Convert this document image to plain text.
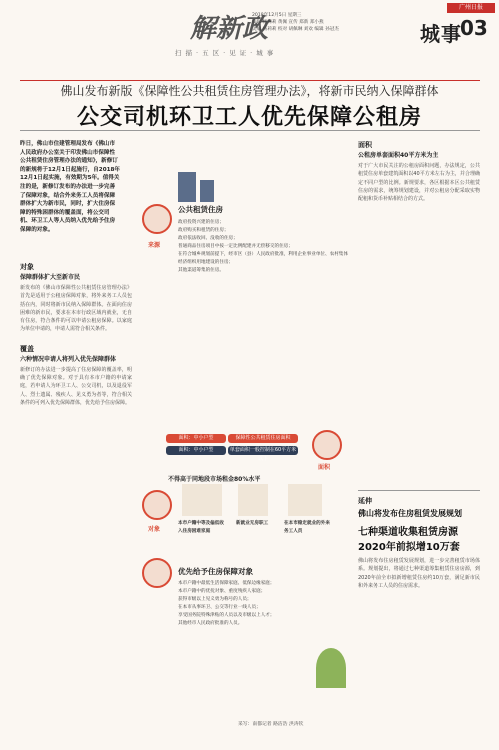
广州日报
解新政
扫描·五区·见证·城事
2018年12月5日 星期三
编辑 杨莉莉 黄佩 宣传 郑新 郑小燕
美编 杨莉莉 校对 胡佩琳 刘欢 编辑 孙冠杰	城事
03
佛山发布新版《保障性公共租赁住房管理办法》，将新市民纳入保障群体
公交司机环卫工人优先保障公租房
昨日，佛山市住建管理局发布《佛山市人民政府办公室关于印发佛山市保障性公共租赁住房管理办法的通知》，新修订的新规将于12月1日起施行，自2018年12月1日起实施，有效期为5年。值得关注的是，新修订发布的办法进一步完善了保障对象，结合外来务工人员将保障群体扩大为新市民，同时，扩大住房保障的特殊困群体的覆盖面，将公交司机、环卫工人等人员纳入优先给予住房保障的对象。
对象
保障群体扩大至新市民
新发布的《佛山市保障性公共租赁住房管理办法》首先是适用于公租房保障对象，将外来务工人员包括在内，同时将新市民纳入保障群体。在面向住房困难的新市民，要求在本市行政区域内就业，无自有住房，符合条件的可以申请公租房保障。以家庭为单位申请的，申请人需符合相关条件。
覆盖
六种情况申请人将列入优先保障群体
新修订的办法进一步提高了住房保障的覆盖率，明确了优先保障对象。对于具有本市户籍的申请家庭，若申请人为环卫工人、公交司机，以及退役军人、烈士遗属、残疾人、见义勇为者等，符合相关条件的可列入优先保障群体，优先给予住房保障。
来源
公共租赁住房
政府投资兴建的住房；
政府购买和租赁的住房；
政府依法收回、没收的住房；
普通商品住房项目中按一定比例配建并无偿移交的住房；
在符合城乡规划前提下，经市区（县）人民政府批准，利用企业事业单位、农村集体经济组织用地建设的住房；
其他渠道筹集的住房。
面积：中小户型	保障性公共租赁住房面积
面积：中小户型	单套面积一般控制在60平方米以下
面积
不得高于同地段市场租金80%水平
对象
本市户籍中等及偏低收入住房困难家庭
新就业无房职工	在本市稳定就业的外来务工人员
优先给予住房保障对象
本市户籍中最低生活保障家庭、低保边缘家庭；
本市户籍中的优抚对象、重度残疾人家庭；
获得市级以上见义勇为称号的人员；
在本市从事环卫、公交等行业一线人员；
享受国务院特殊津贴的人员以及市级以上人才；
其他经市人民政府批准的人员。
采写：南都记者 路洁浩 洪涛钦
面积
公租房单套面积40平方米为主
对于广大市民关注的公租房面积问题，办法规定，公共租赁住房单套建筑面积以40平方米左右为主，并合理确定不同户型的比例。新规要求，各区根据本区公共租赁住房的需求，统筹规划建设，并对公租房分配采取实物配租和货币补贴相结合的方式。
延伸
佛山将发布住房租赁发展规划
七种渠道收集租赁房源2020年前拟增10万套
佛山将发布住房租赁发展规划，进一步完善租赁市场体系。规划提出，将通过七种渠道筹集租赁住房房源，到2020年前全市拟新增租赁住房约10万套，满足新市民和外来务工人员的住房需求。
